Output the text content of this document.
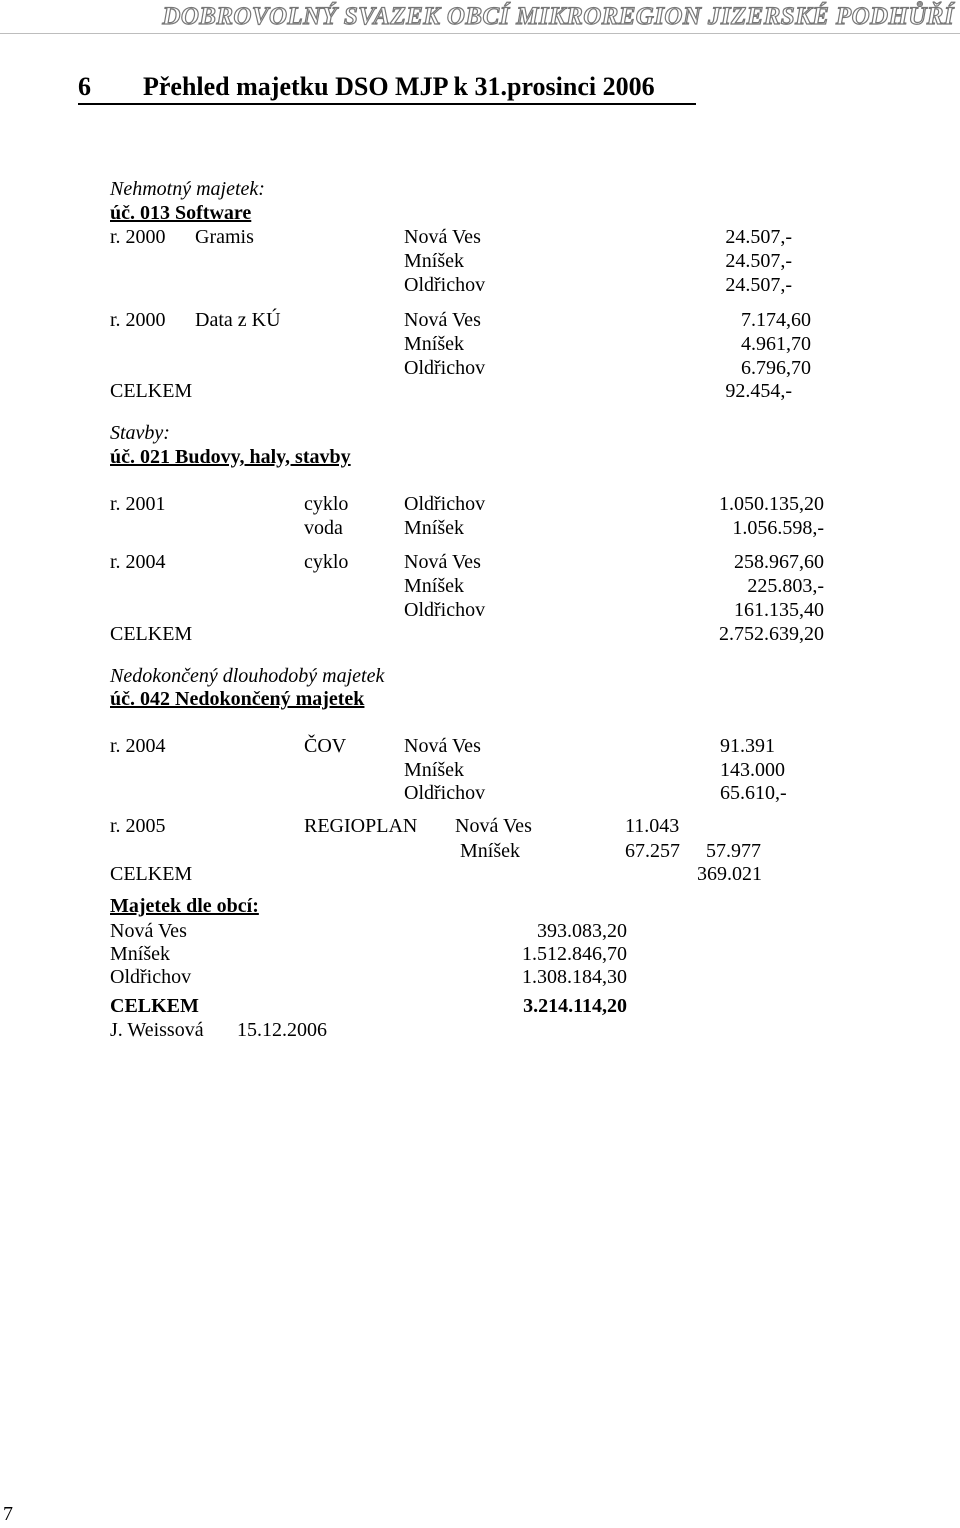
DOBROVOLNÝ SVAZEK OBCÍ MIKROREGION JIZERSKÉ PODHŮŘÍ
6 Přehled majetku DSO MJP k 31.prosinci 2006
Nehmotný majetek:
úč. 013 Software
r. 2000 Gramis	Nová Ves	24.507,-
Mníšek	24.507,-
Oldřichov	24.507,-
r. 2000 Data z KÚ	Nová Ves	7.174,60
Mníšek	4.961,70
Oldřichov	6.796,70
CELKEM	92.454,-
Stavby:
úč. 021 Budovy, haly, stavby
r. 2001	cyklo	Oldřichov	1.050.135,20
voda	Mníšek	1.056.598,-
r. 2004	cyklo	Nová Ves	258.967,60
Mníšek	225.803,-
Oldřichov	161.135,40
CELKEM	2.752.639,20
Nedokončený dlouhodobý majetek
úč. 042 Nedokončený majetek
r. 2004	ČOV	Nová Ves	91.391
Mníšek	143.000
Oldřichov	65.610,-
r. 2005	REGIOPLAN Nová Ves	11.043
Mníšek	67.257 57.977
CELKEM	369.021
Majetek dle obcí:
Nová Ves	393.083,20
Mníšek	1.512.846,70
Oldřichov	1.308.184,30
CELKEM	3.214.114,20
J. Weissová 15.12.2006
7
